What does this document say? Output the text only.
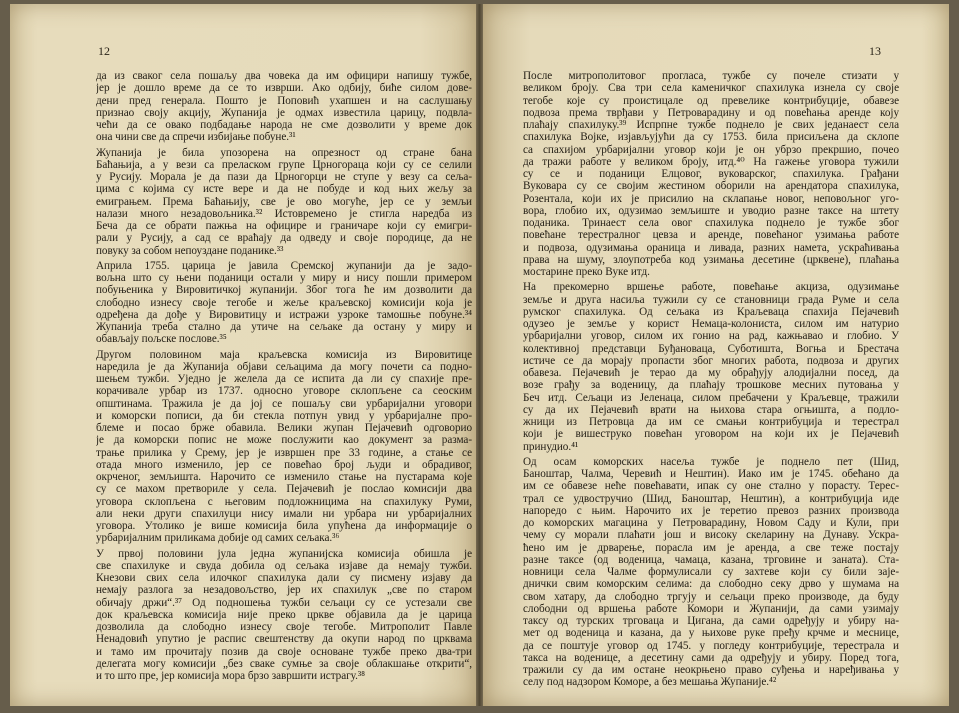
12
да из сваког села пошаљу два човека да им официри напишу тужбе,
јер је дошло време да се то изврши. Ако одбију, биће силом дове-
дени пред генерала. Пошто је Поповић ухапшен и на саслушању
признао своју акцију, Жупанија је одмах известила царицу, подвла-
чећи да се овако подбадање народа не сме дозволити у време док
она чини све да спречи избијање побуне.³¹
Жупанија је била упозорена на опрезност од стране бана
Баћањија, а у вези са преласком групе Црногораца који су се селили
у Русију. Морала је да пази да Црногорци не ступе у везу са сеља-
цима с којима су исте вере и да не побуде и код њих жељу за
емиграњем. Према Баћањију, све је ово могуће, јер се у земљи
налази много незадовољника.³² Истовремено је стигла наредба из
Беча да се обрати пажња на официре и граничаре који су емигри-
рали у Русију, а сад се враћају да одведу и своје породице, да не
повуку за собом непоуздане поданике.³³
Априла 1755. царица је јавила Сремској жупанији да је задо-
вољна што су њени поданици остали у миру и нису пошли примером
побуњеника у Вировитичкој жупанији. Због тога ће им дозволити да
слободно изнесу своје тегобе и жеље краљевској комисији која је
одређена да дође у Вировитицу и истражи узроке тамошње побуне.³⁴
Жупанија треба стално да утиче на сељаке да остану у миру и
обављају пољске послове.³⁵
Другом половином маја краљевска комисија из Вировитице
наредила је да Жупанија објави сељацима да могу почети са подно-
шењем тужби. Уједно је желела да се испита да ли су спахије пре-
корачивале урбар из 1737. односно уговоре склопљене са сеоским
општинама. Тражила је да јој се пошаљу сви урбаријални уговори
и коморски пописи, да би стекла потпун увид у урбаријалне про-
блеме и посао брже обавила. Велики жупан Пејачевић одговорио
је да коморски попис не може послужити као документ за разма-
трање прилика у Срему, јер је извршен пре 33 године, а стање се
отада много изменило, јер се повећао број људи и обрадивог,
окрченог, земљишта. Нарочито се изменило стање на пустарама које
су се махом претвориле у села. Пејачевић је послао комисији два
уговора склопљена с његовим подложницима на спахилуку Руми,
али неки други спахилуци нису имали ни урбара ни урбаријалних
уговора. Утолико је више комисија била упућена да информације о
урбаријалним приликама добије од самих сељака.³⁶
У првој половини јула једна жупанијска комисија обишла је
све спахилуке и свуда добила од сељака изјаве да немају тужби.
Кнезови свих села илочког спахилука дали су писмену изјаву да
немају разлога за незадовољство, јер их спахилук „све по старом
обичају држи“.³⁷ Од подношења тужби сељаци су се устезали све
док краљевска комисија није преко цркве објавила да је царица
дозволила да слободно изнесу своје тегобе. Митрополит Павле
Ненадовић упутио је распис свештенству да окупи народ по црквама
и тамо им прочитају позив да своје основане тужбе преко два-три
делегата могу комисији „без сваке сумње за своје облакшање открити“,
и то што пре, јер комисија мора брзо завршити истрагу.³⁸
13
После митрополитовог прогласа, тужбе су почеле стизати у
великом броју. Сва три села каменичког спахилука изнела су своје
тегобе које су проистицале од превелике контрибуције, обавезе
подвоза према тврђави у Петроварадину и од повећања аренде коју
плаћају спахилуку.³⁹ Испрпне тужбе поднело је свих једанаест села
спахилука Војке, изјављујући да су 1753. била присиљена да склопе
са спахијом урбаријални уговор који је он убрзо прекршио, почео
да тражи работе у великом броју, итд.⁴⁰ На гажење уговора тужили
су се и поданици Елцовог, вуковарског, спахилука. Грађани
Вуковара су се својим жестином оборили на арендатора спахилука,
Розентала, који их је присилио на склапање новог, неповољног уго-
вора, глобио их, одузимао земљиште и уводио разне таксе на штету
поданика. Тринаест села овог спахилука поднело је тужбе због
повећане терестралног цевза и аренде, повећаног узимања работе
и подвоза, одузимања ораница и ливада, разних намета, ускраћивања
права на шуму, злоупотреба код узимања десетине (црквене), плаћања
мостарине преко Вуке итд.
На прекомерно вршење работе, повећање акциза, одузимање
земље и друга насиља тужили су се становници града Руме и села
румског спахилука. Од сељака из Краљеваца спахија Пејачевић
одузео је земље у корист Немаца-колониста, силом им натурио
урбаријални уговор, силом их гонио на рад, кажњавао и глобио. У
колективној представци Буђановаца, Суботишта, Вогња и Брестача
истиче се да морају пропасти због многих работа, подвоза и других
обавеза. Пејачевић је терао да му обрађују алодијални посед, да
возе грађу за воденицу, да плаћају трошкове месних путовања у
Беч итд. Сељаци из Јеленаца, силом пребачени у Краљевце, тражили
су да их Пејачевић врати на њихова стара огњишта, а подло-
жници из Петровца да им се смањи контрибуција и терестрал
који је вишеструко повећан уговором на који их је Пејачевић
принудио.⁴¹
Од осам коморских насеља тужбе је поднело пет (Шид,
Баноштар, Чалма, Черевић и Нештин). Иако им је 1745. обећано да
им се обавезе неће повећавати, ипак су оне стално у порасту. Терес-
трал се удвостручио (Шид, Баноштар, Нештин), а контрибуција иде
напоредо с њим. Нарочито их је теретио превоз разних производа
до коморских магацина у Петроварадину, Новом Саду и Кули, при
чему су морали плаћати још и високу скеларину на Дунаву. Ускра-
ћено им је дрварење, порасла им је аренда, а све теже постају
разне таксе (од воденица, чамаца, казана, трговине и заната). Ста-
новници села Чалме формулисали су захтеве који су били заје-
днички свим коморским селима: да слободно секу дрво у шумама на
свом хатару, да слободно тргују и сељаци преко производе, да буду
слободни од вршења работе Комори и Жупанији, да сами узимају
таксу од турских трговаца и Цигана, да сами одређују и убиру на-
мет од воденица и казана, да у њихове руке пређу крчме и меснице,
да се поштује уговор од 1745. у погледу контрибуције, терестрала и
такса на воденице, а десетину сами да одређују и убиру. Поред тога,
тражили су да им остане неокрњено право суђења и наређивања у
селу под надзором Коморе, а без мешања Жупаније.⁴²
